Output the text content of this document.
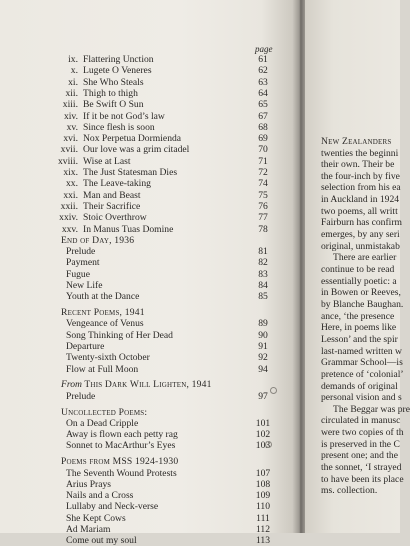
page
ix. Flattering Unction	61
x. Lugete O Veneres	62
xi. She Who Steals	63
xii. Thigh to thigh	64
xiii. Be Swift O Sun	65
xiv. If it be not God’s law	67
xv. Since flesh is soon	68
xvi. Nox Perpetua Dormienda	69
xvii. Our love was a grim citadel	70
xviii. Wise at Last	71
xix. The Just Statesman Dies	72
xx. The Leave-taking	74
xxi. Man and Beast	75
xxii. Their Sacrifice	76
xxiv. Stoic Overthrow	77
xxv. In Manus Tuas Domine	78
End of Day, 1936
Prelude	81
Payment	82
Fugue	83
New Life	84
Youth at the Dance	85
Recent Poems, 1941
Vengeance of Venus	89
Song Thinking of Her Dead	90
Departure	91
Twenty-sixth October	92
Flow at Full Moon	94
From This Dark Will Lighten, 1941
Prelude	97
Uncollected Poems:
On a Dead Cripple	101
Away is flown each petty rag	102
Sonnet to MacArthur’s Eyes	103
Poems from MSS 1924-1930
The Seventh Wound Protests	107
Arius Prays	108
Nails and a Cross	109
Lullaby and Neck-verse	110
She Kept Cows	111
Ad Mariam	112
Come out my soul	113
New Zealanders
twenties the beginni
their own. Their be
the four-inch by five
selection from his ea
in Auckland in 1924
two poems, all writt
Fairburn has confirm
emerges, by any seri
original, unmistakab
There are earlier
continue to be read
essentially poetic: a
in Bowen or Reeves,
by Blanche Baughan.
ance, ‘the presence
Here, in poems like
Lesson’ and the spir
last-named written w
Grammar School—is
pretence of ‘colonial’
demands of original
personal vision and s
The Beggar was pre
circulated in manusc
were two copies of th
is preserved in the C
present one; and the
the sonnet, ‘I strayed
to have been its place
ms. collection.
